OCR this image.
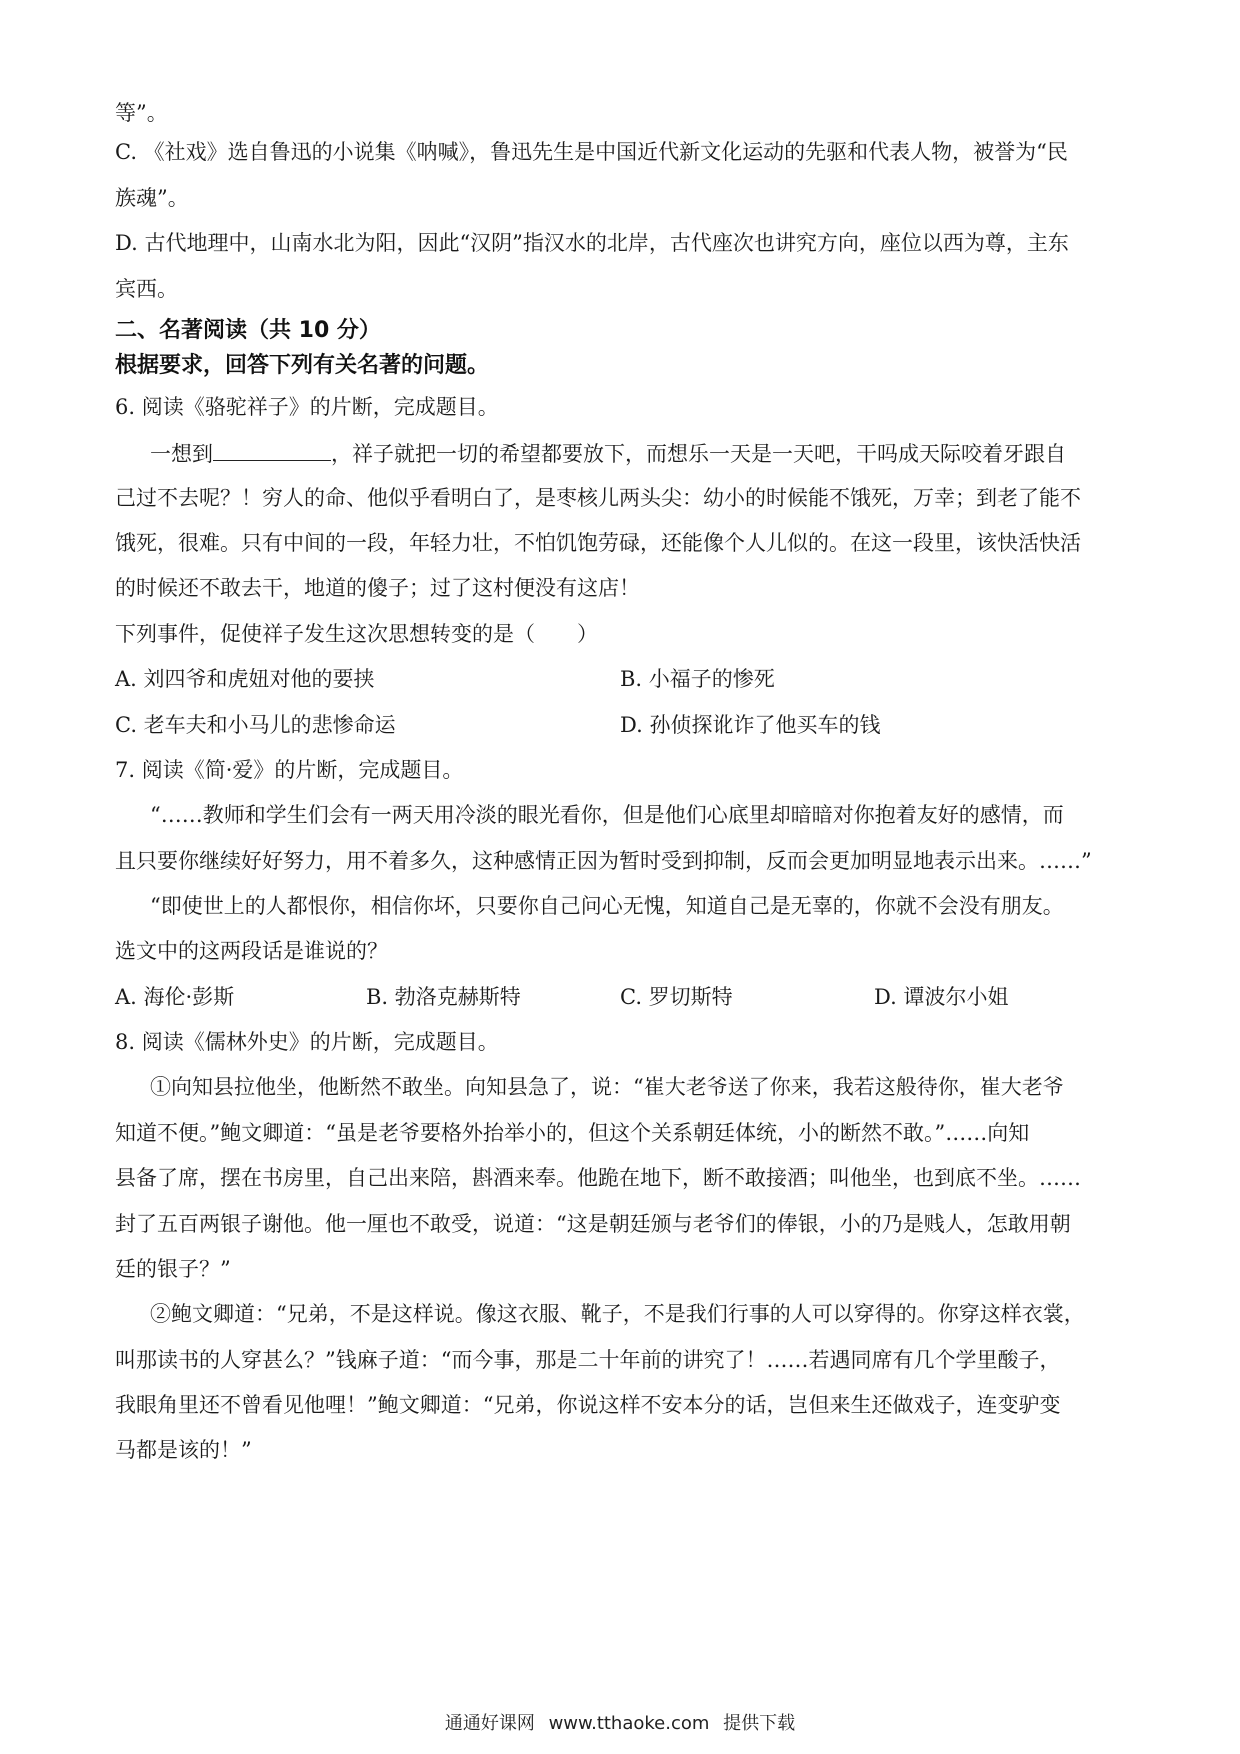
等”。
C. 《社戏》选自鲁迅的小说集《呐喊》，鲁迅先生是中国近代新文化运动的先驱和代表人物，被誉为“民
族魂”。
D. 古代地理中，山南水北为阳，因此“汉阴”指汉水的北岸，古代座次也讲究方向，座位以西为尊，主东
宾西。
二、名著阅读（共 10 分）
根据要求，回答下列有关名著的问题。
6. 阅读《骆驼祥子》的片断，完成题目。
一想到	，祥子就把一切的希望都要放下，而想乐一天是一天吧，干吗成天际咬着牙跟自
己过不去呢？！穷人的命、他似乎看明白了，是枣核儿两头尖：幼小的时候能不饿死，万幸；到老了能不
饿死，很难。只有中间的一段，年轻力壮，不怕饥饱劳碌，还能像个人儿似的。在这一段里，该快活快活
的时候还不敢去干，地道的傻子；过了这村便没有这店！
下列事件，促使祥子发生这次思想转变的是（　　）
A. 刘四爷和虎妞对他的要挟	B. 小福子的惨死
C. 老车夫和小马儿的悲惨命运	D. 孙侦探讹诈了他买车的钱
7. 阅读《简·爱》的片断，完成题目。
“……教师和学生们会有一两天用冷淡的眼光看你，但是他们心底里却暗暗对你抱着友好的感情，而
且只要你继续好好努力，用不着多久，这种感情正因为暂时受到抑制，反而会更加明显地表示出来。……”
“即使世上的人都恨你，相信你坏，只要你自己问心无愧，知道自己是无辜的，你就不会没有朋友。
选文中的这两段话是谁说的？
A. 海伦·彭斯	B. 勃洛克赫斯特	C. 罗切斯特	D. 谭波尔小姐
8. 阅读《儒林外史》的片断，完成题目。
①向知县拉他坐，他断然不敢坐。向知县急了，说：“崔大老爷送了你来，我若这般待你，崔大老爷
知道不便。”鲍文卿道：“虽是老爷要格外抬举小的，但这个关系朝廷体统，小的断然不敢。”……向知
县备了席，摆在书房里，自己出来陪，斟酒来奉。他跪在地下，断不敢接酒；叫他坐，也到底不坐。……
封了五百两银子谢他。他一厘也不敢受，说道：“这是朝廷颁与老爷们的俸银，小的乃是贱人，怎敢用朝
廷的银子？”
②鲍文卿道：“兄弟，不是这样说。像这衣服、靴子，不是我们行事的人可以穿得的。你穿这样衣裳，
叫那读书的人穿甚么？”钱麻子道：“而今事，那是二十年前的讲究了！……若遇同席有几个学里酸子，
我眼角里还不曾看见他哩！”鲍文卿道：“兄弟，你说这样不安本分的话，岂但来生还做戏子，连变驴变
马都是该的！”
通通好课网 www.tthaoke.com 提供下载
